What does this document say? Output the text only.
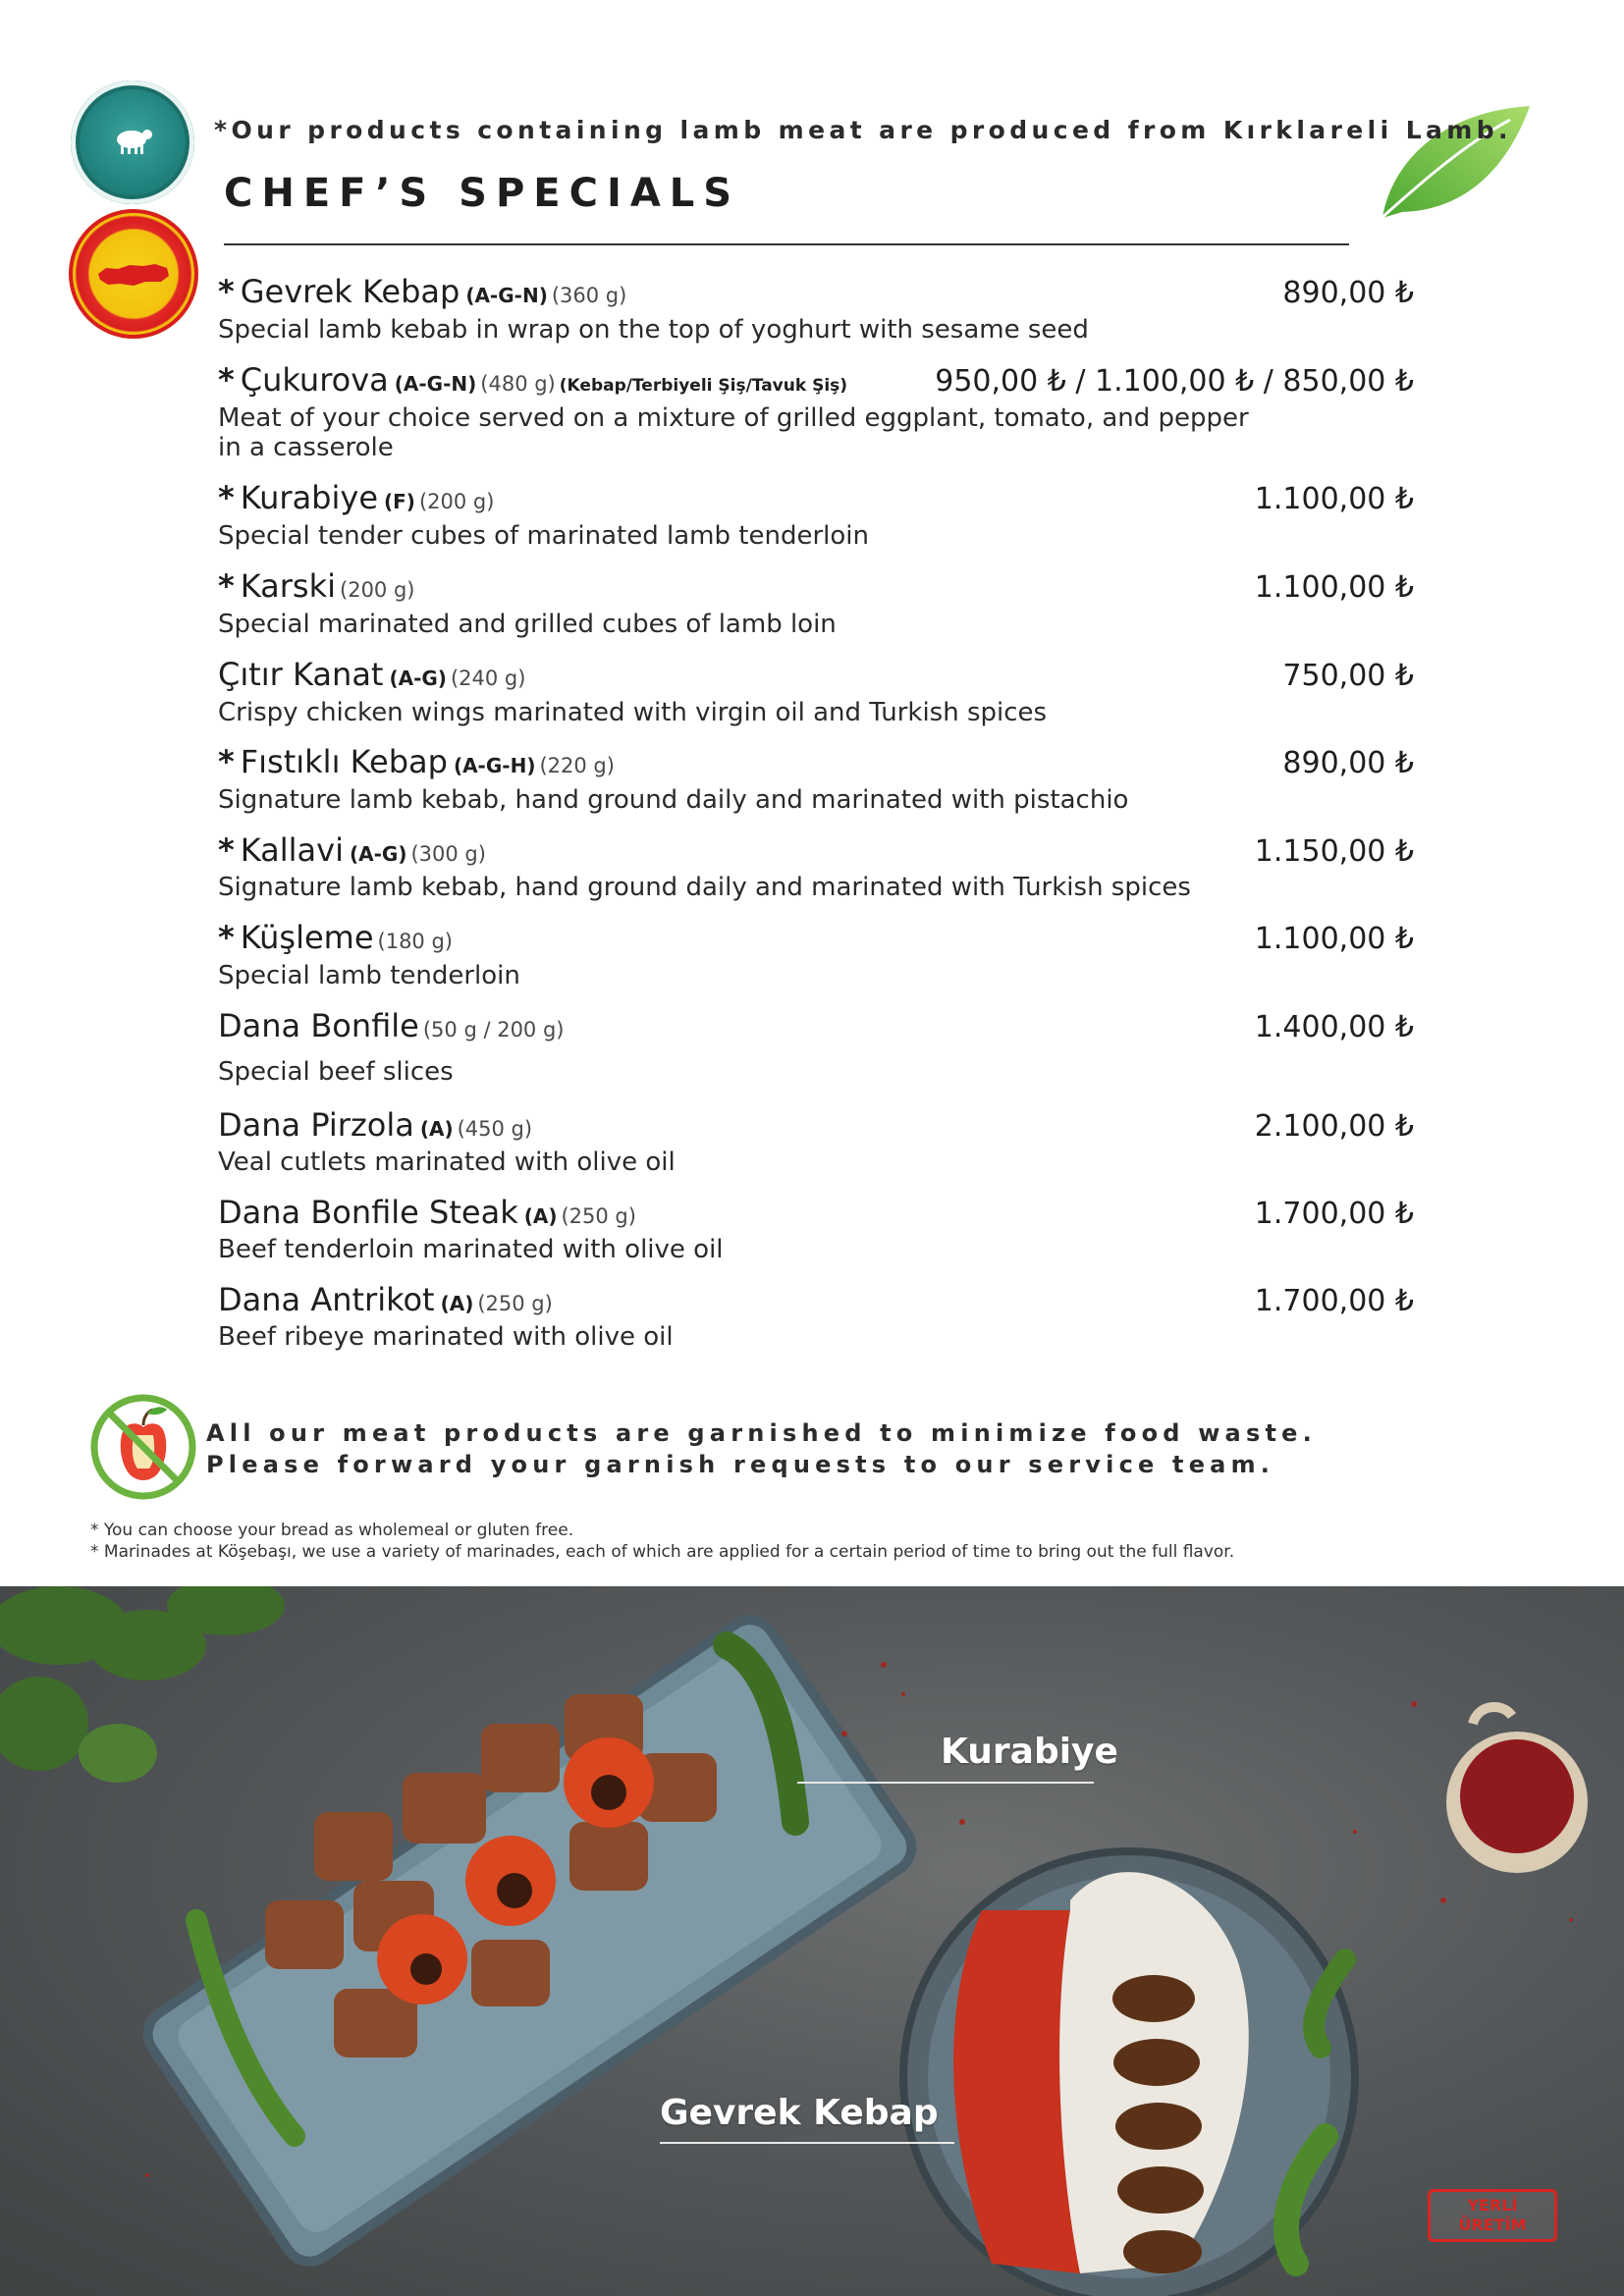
*Our products containing lamb meat are produced from Kırklareli Lamb.
CHEF’S SPECIALS
* Gevrek Kebap (A-G-N) (360 g)	890,00 ₺
Special lamb kebab in wrap on the top of yoghurt with sesame seed
* Çukurova (A-G-N) (480 g) (Kebap/Terbiyeli Şiş/Tavuk Şiş)	950,00 ₺ / 1.100,00 ₺ / 850,00 ₺
Meat of your choice served on a mixture of grilled eggplant, tomato, and pepper in a casserole
* Kurabiye (F) (200 g)	1.100,00 ₺
Special tender cubes of marinated lamb tenderloin
* Karski (200 g)	1.100,00 ₺
Special marinated and grilled cubes of lamb loin
Çıtır Kanat (A-G) (240 g)	750,00 ₺
Crispy chicken wings marinated with virgin oil and Turkish spices
* Fıstıklı Kebap (A-G-H) (220 g)	890,00 ₺
Signature lamb kebab, hand ground daily and marinated with pistachio
* Kallavi (A-G) (300 g)	1.150,00 ₺
Signature lamb kebab, hand ground daily and marinated with Turkish spices
* Küşleme (180 g)	1.100,00 ₺
Special lamb tenderloin
Dana Bonfile (50 g / 200 g)	1.400,00 ₺
Special beef slices
Dana Pirzola (A) (450 g)	2.100,00 ₺
Veal cutlets marinated with olive oil
Dana Bonfile Steak (A) (250 g)	1.700,00 ₺
Beef tenderloin marinated with olive oil
Dana Antrikot (A) (250 g)	1.700,00 ₺
Beef ribeye marinated with olive oil
All our meat products are garnished to minimize food waste.
Please forward your garnish requests to our service team.
* You can choose your bread as wholemeal or gluten free.
* Marinades at Köşebaşı, we use a variety of marinades, each of which are applied for a certain period of time to bring out the full flavor.
Kurabiye
Gevrek Kebap
YERLİ
ÜRETİM
